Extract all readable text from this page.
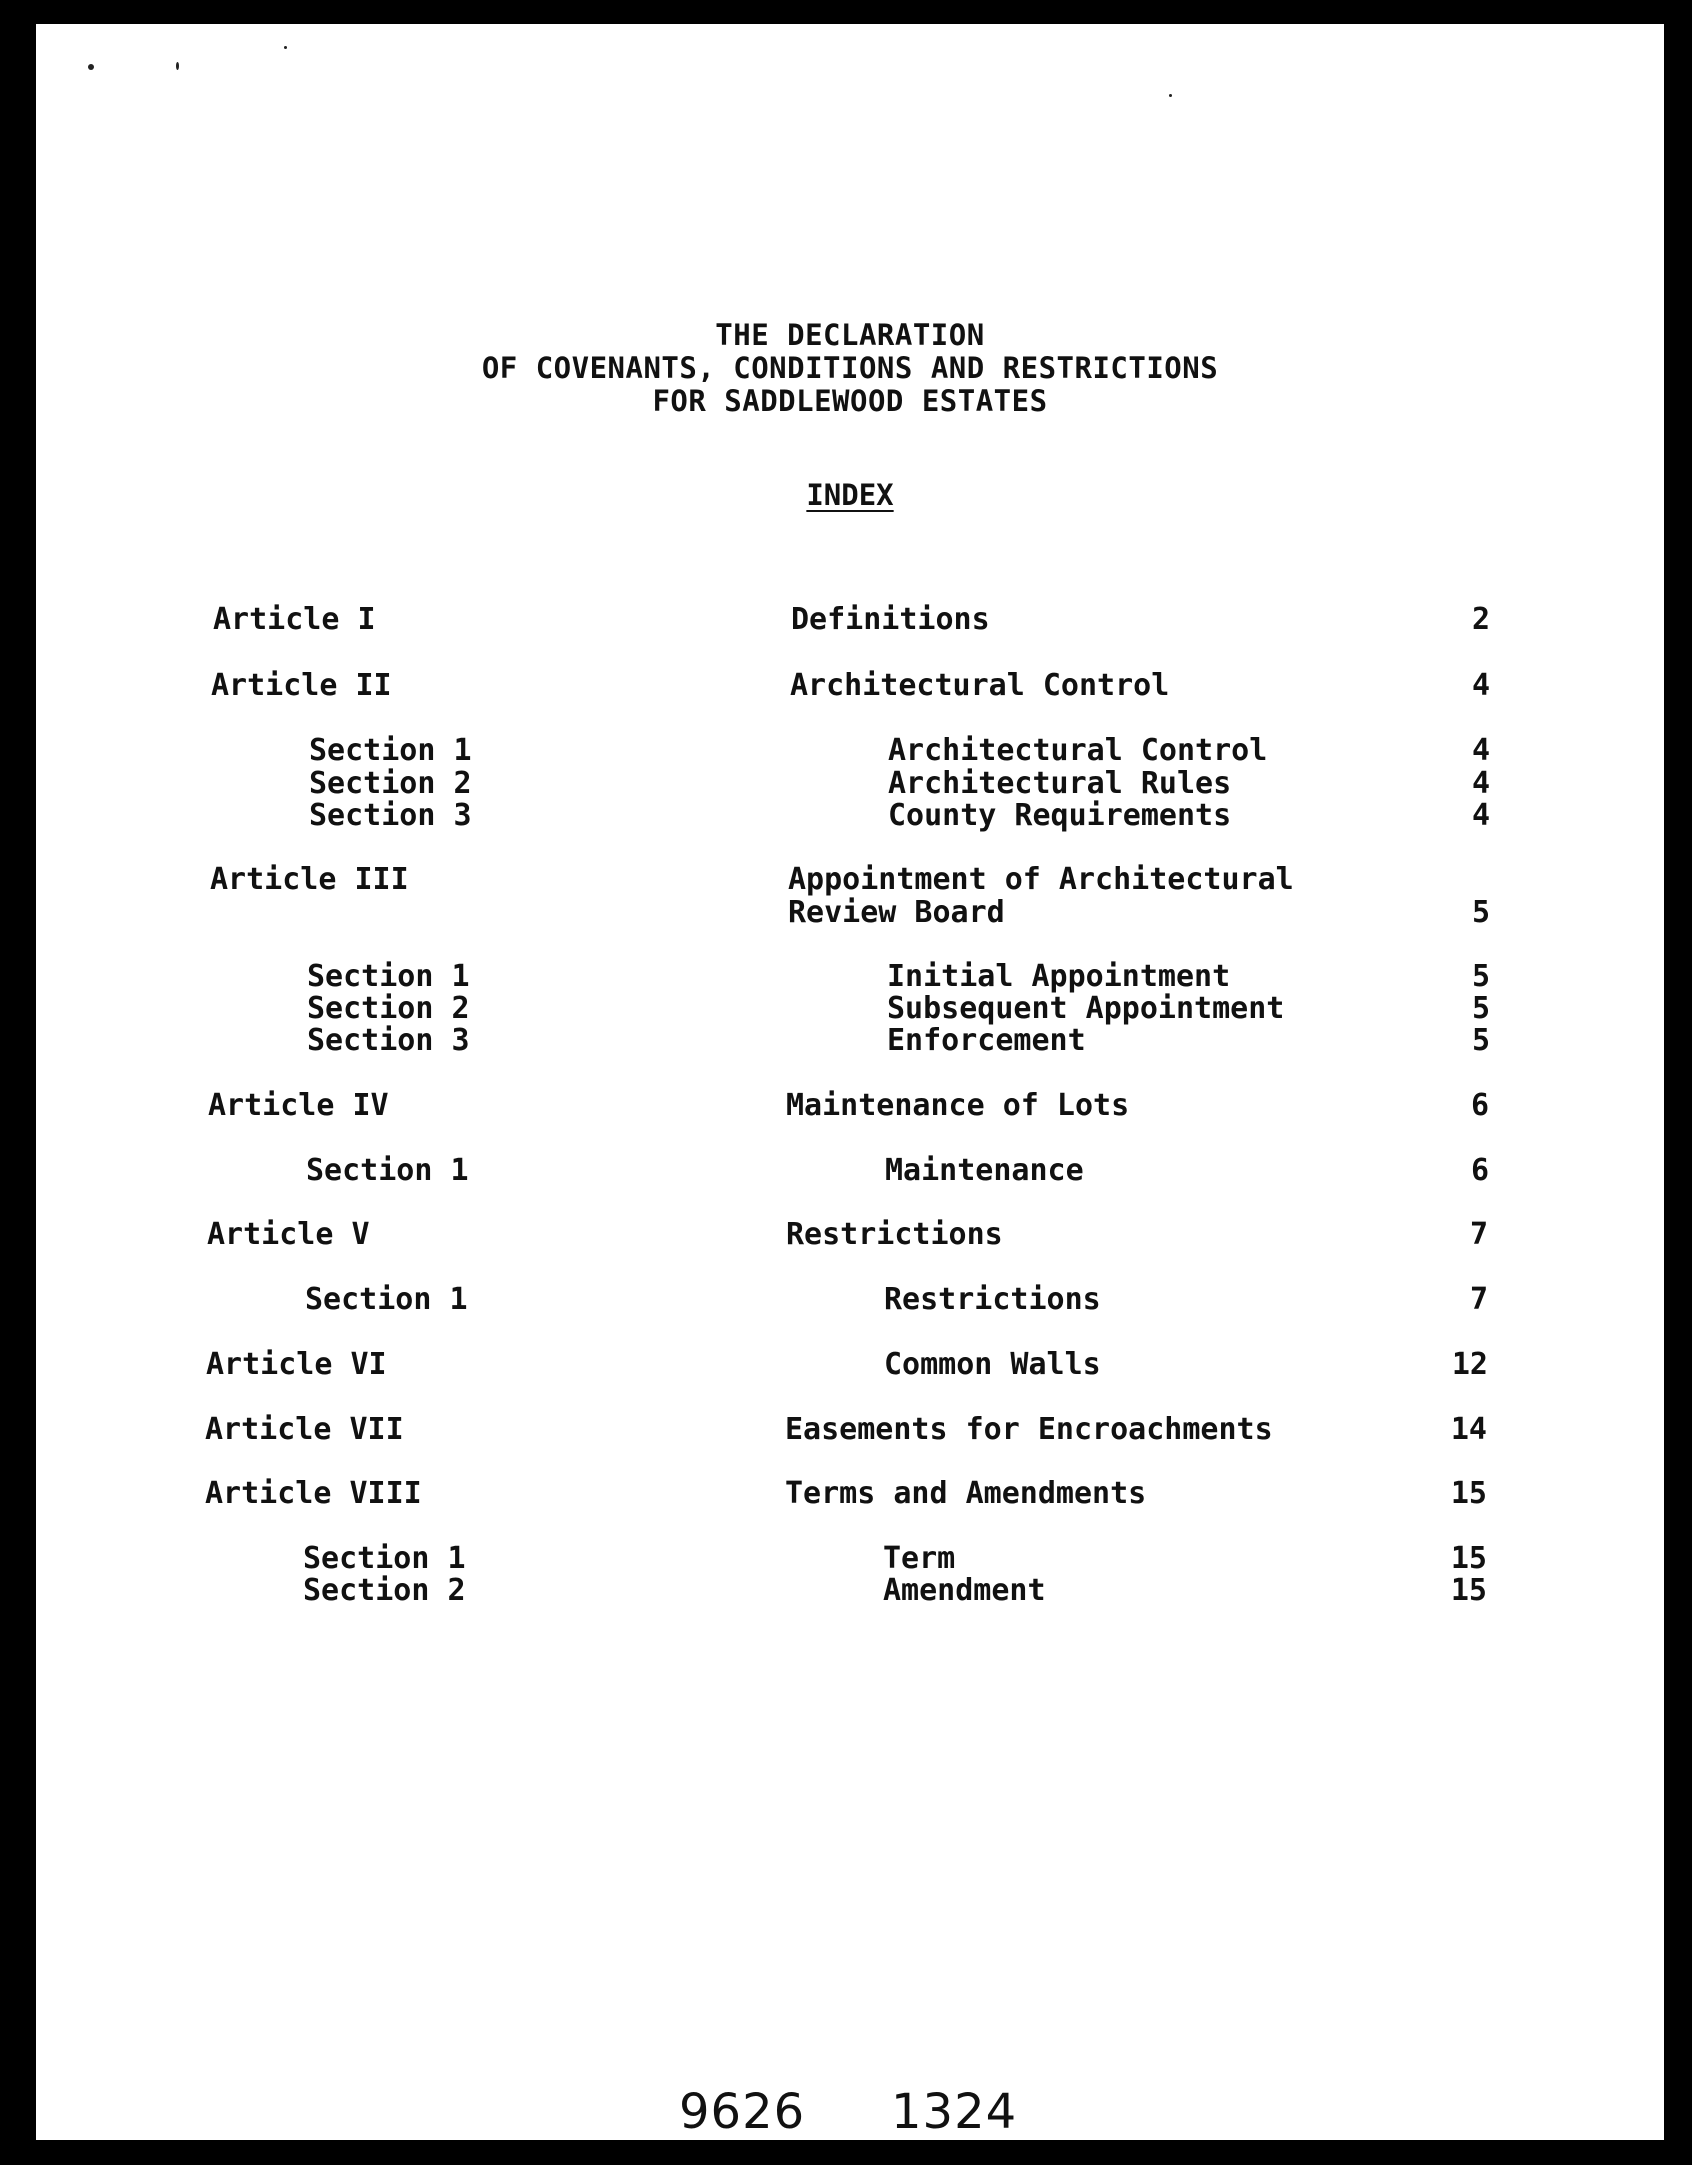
THE DECLARATION
OF COVENANTS, CONDITIONS AND RESTRICTIONS
FOR SADDLEWOOD ESTATES
INDEX
Article I	Definitions	2
Article II	Architectural Control	4
Section 1	Architectural Control	4
Section 2	Architectural Rules	4
Section 3	County Requirements	4
Article III	Appointment of Architectural
Review Board	5
Section 1	Initial Appointment	5
Section 2	Subsequent Appointment	5
Section 3	Enforcement	5
Article IV	Maintenance of Lots	6
Section 1	Maintenance	6
Article V	Restrictions	7
Section 1	Restrictions	7
Article VI	Common Walls	12
Article VII	Easements for Encroachments	14
Article VIII	Terms and Amendments	15
Section 1	Term	15
Section 2	Amendment	15
9626 1324
